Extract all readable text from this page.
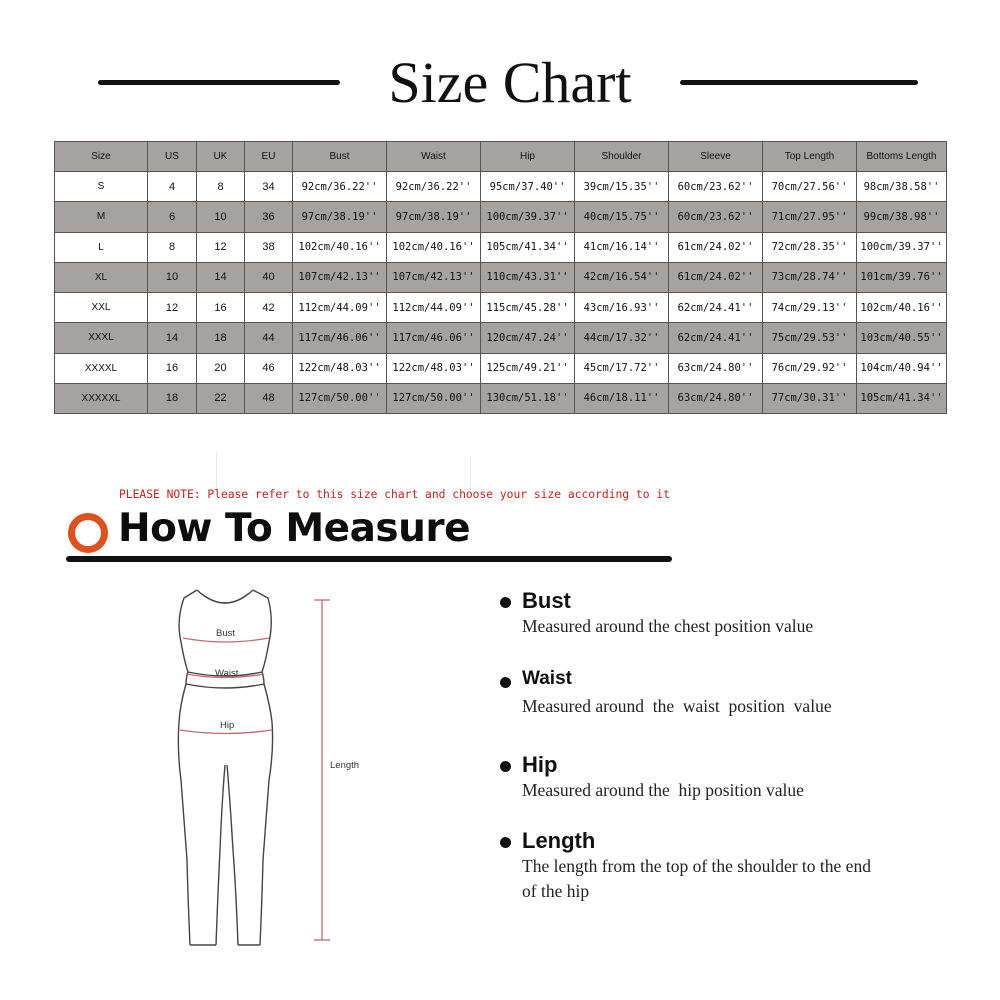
Size Chart
Size	US	UK	EU	Bust	Waist	Hip	Shoulder	Sleeve	Top Length	Bottoms Length
S	4	8	34	92cm/36.22''	92cm/36.22''	95cm/37.40''	39cm/15.35''	60cm/23.62''	70cm/27.56''	98cm/38.58''
M	6	10	36	97cm/38.19''	97cm/38.19''	100cm/39.37''	40cm/15.75''	60cm/23.62''	71cm/27.95''	99cm/38.98''
L	8	12	38	102cm/40.16''	102cm/40.16''	105cm/41.34''	41cm/16.14''	61cm/24.02''	72cm/28.35''	100cm/39.37''
XL	10	14	40	107cm/42.13''	107cm/42.13''	110cm/43.31''	42cm/16.54''	61cm/24.02''	73cm/28.74''	101cm/39.76''
XXL	12	16	42	112cm/44.09''	112cm/44.09''	115cm/45.28''	43cm/16.93''	62cm/24.41''	74cm/29.13''	102cm/40.16''
XXXL	14	18	44	117cm/46.06''	117cm/46.06''	120cm/47.24''	44cm/17.32''	62cm/24.41''	75cm/29.53''	103cm/40.55''
XXXXL	16	20	46	122cm/48.03''	122cm/48.03''	125cm/49.21''	45cm/17.72''	63cm/24.80''	76cm/29.92''	104cm/40.94''
XXXXXL	18	22	48	127cm/50.00''	127cm/50.00''	130cm/51.18''	46cm/18.11''	63cm/24.80''	77cm/30.31''	105cm/41.34''
PLEASE NOTE: Please refer to this size chart and choose your size according to it
How To Measure
Bust
Waist
Hip
Length
Bust
Measured around the chest position value
Waist
Measured around  the  waist  position  value
Hip
Measured around the  hip position value
Length
The length from the top of the shoulder to the end of the hip
